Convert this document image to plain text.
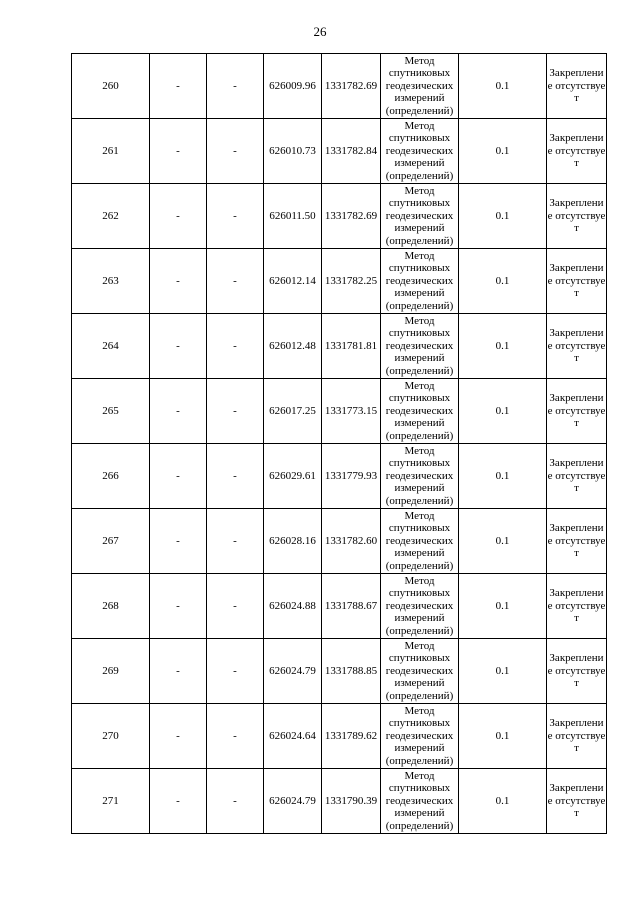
26
260	-	-	626009.96	1331782.69	Метод спутниковых геодезических измерений (определений)	0.1	Закрепление отсутствует
261	-	-	626010.73	1331782.84	Метод спутниковых геодезических измерений (определений)	0.1	Закрепление отсутствует
262	-	-	626011.50	1331782.69	Метод спутниковых геодезических измерений (определений)	0.1	Закрепление отсутствует
263	-	-	626012.14	1331782.25	Метод спутниковых геодезических измерений (определений)	0.1	Закрепление отсутствует
264	-	-	626012.48	1331781.81	Метод спутниковых геодезических измерений (определений)	0.1	Закрепление отсутствует
265	-	-	626017.25	1331773.15	Метод спутниковых геодезических измерений (определений)	0.1	Закрепление отсутствует
266	-	-	626029.61	1331779.93	Метод спутниковых геодезических измерений (определений)	0.1	Закрепление отсутствует
267	-	-	626028.16	1331782.60	Метод спутниковых геодезических измерений (определений)	0.1	Закрепление отсутствует
268	-	-	626024.88	1331788.67	Метод спутниковых геодезических измерений (определений)	0.1	Закрепление отсутствует
269	-	-	626024.79	1331788.85	Метод спутниковых геодезических измерений (определений)	0.1	Закрепление отсутствует
270	-	-	626024.64	1331789.62	Метод спутниковых геодезических измерений (определений)	0.1	Закрепление отсутствует
271	-	-	626024.79	1331790.39	Метод спутниковых геодезических измерений (определений)	0.1	Закрепление отсутствует
